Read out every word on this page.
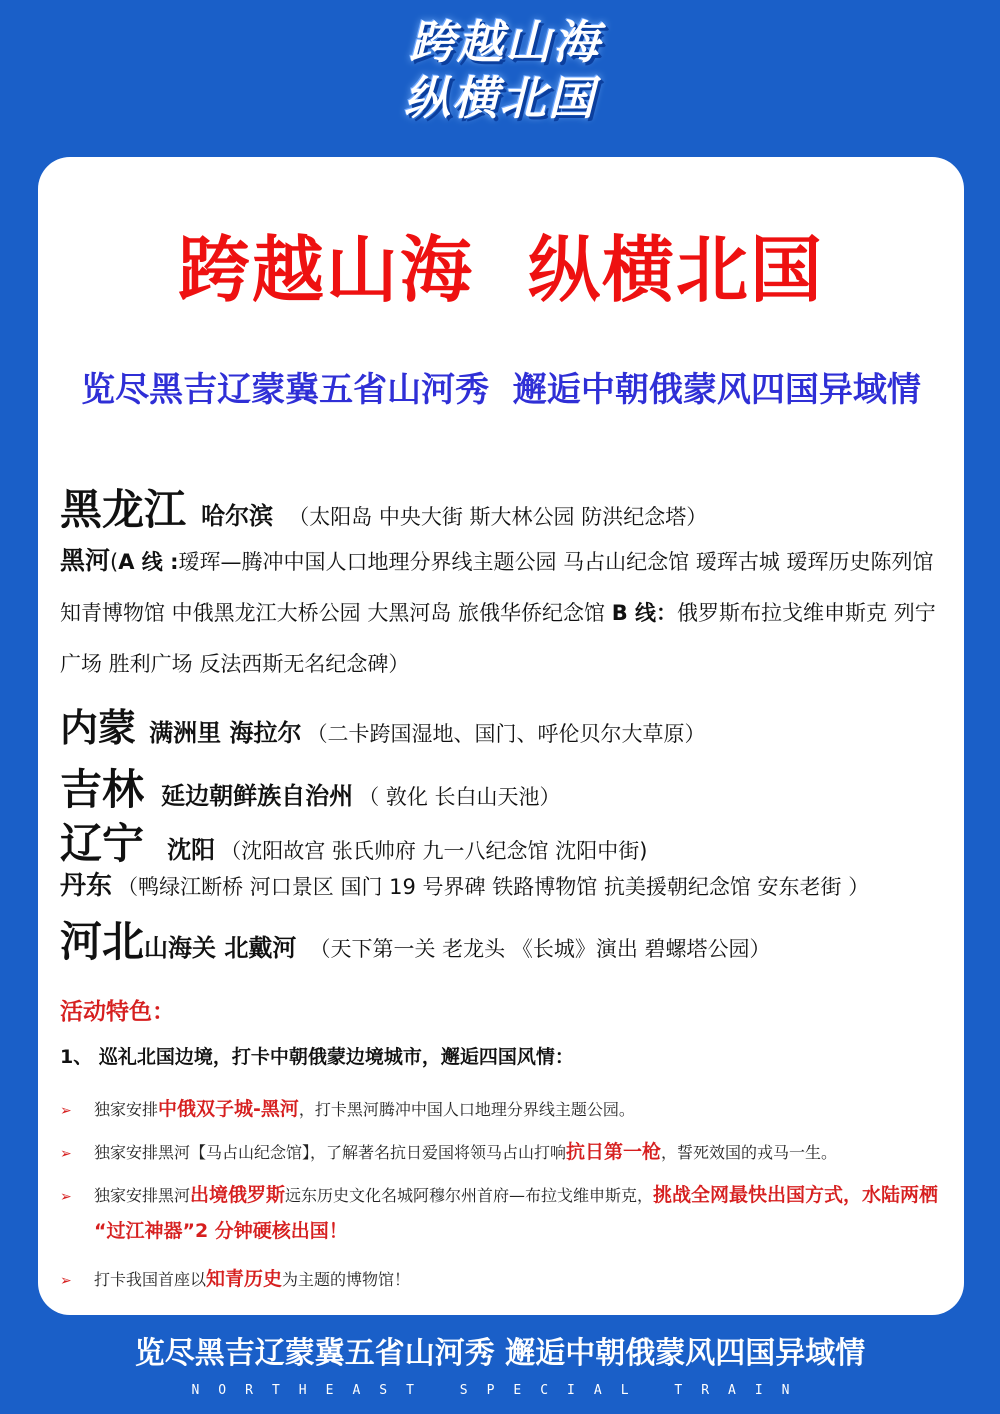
跨越山海
纵横北国
跨越山海  纵横北国
览尽黑吉辽蒙冀五省山河秀  邂逅中朝俄蒙风四国异域情
黑龙江 哈尔滨 （太阳岛 中央大街 斯大林公园 防洪纪念塔）
黑河(A 线 :瑷珲—腾冲中国人口地理分界线主题公园 马占山纪念馆 瑷珲古城 瑷珲历史陈列馆 知青博物馆 中俄黑龙江大桥公园 大黑河岛 旅俄华侨纪念馆 B 线：俄罗斯布拉戈维申斯克 列宁广场 胜利广场 反法西斯无名纪念碑）
内蒙 满洲里 海拉尔 （二卡跨国湿地、国门、呼伦贝尔大草原）
吉林 延边朝鲜族自治州 （ 敦化 长白山天池）
辽宁 沈阳 （沈阳故宫 张氏帅府 九一八纪念馆 沈阳中街)
丹东 （鸭绿江断桥 河口景区 国门 19 号界碑 铁路博物馆 抗美援朝纪念馆 安东老街 ）
河北山海关 北戴河 （天下第一关 老龙头 《长城》演出 碧螺塔公园）
活动特色：
1、 巡礼北国边境，打卡中朝俄蒙边境城市，邂逅四国风情：
➢ 独家安排中俄双子城-黑河，打卡黑河腾冲中国人口地理分界线主题公园。
➢ 独家安排黑河【马占山纪念馆】，了解著名抗日爱国将领马占山打响抗日第一枪，誓死效国的戎马一生。
➢ 独家安排黑河出境俄罗斯远东历史文化名城阿穆尔州首府—布拉戈维申斯克，挑战全网最快出国方式，水陆两栖
“过江神器”2 分钟硬核出国！
➢ 打卡我国首座以知青历史为主题的博物馆！
览尽黑吉辽蒙冀五省山河秀 邂逅中朝俄蒙风四国异域情
NORTHEAST SPECIAL TRAIN
